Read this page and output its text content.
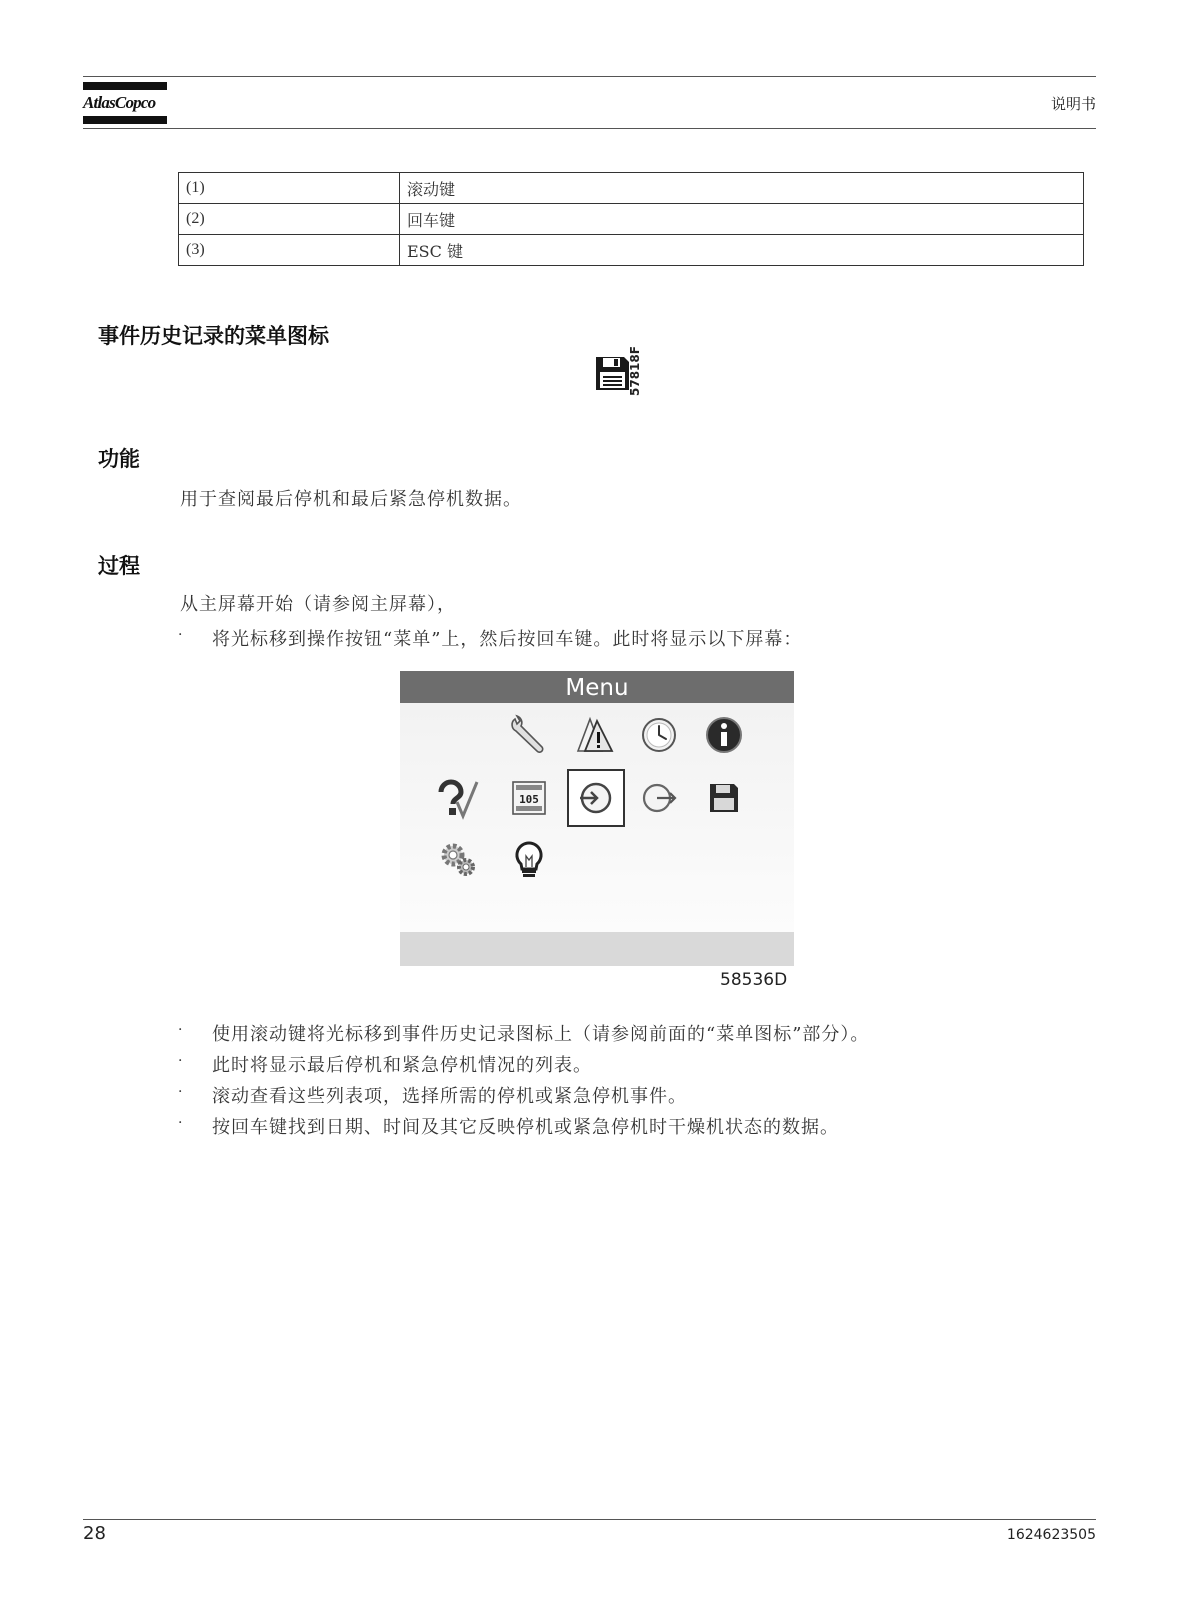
AtlasCopco	说明书
(1)	滚动键
(2)	回车键
(3)	ESC 键
事件历史记录的菜单图标
57818F
功能

用于查阅最后停机和最后紧急停机数据。

过程

从主屏幕开始（请参阅主屏幕），

· 将光标移到操作按钮“菜单”上，然后按回车键。此时将显示以下屏幕：

Menu
105
58536D
· 使用滚动键将光标移到事件历史记录图标上（请参阅前面的“菜单图标”部分）。

· 此时将显示最后停机和紧急停机情况的列表。

· 滚动查看这些列表项，选择所需的停机或紧急停机事件。

· 按回车键找到日期、时间及其它反映停机或紧急停机时干燥机状态的数据。

28	1624623505
